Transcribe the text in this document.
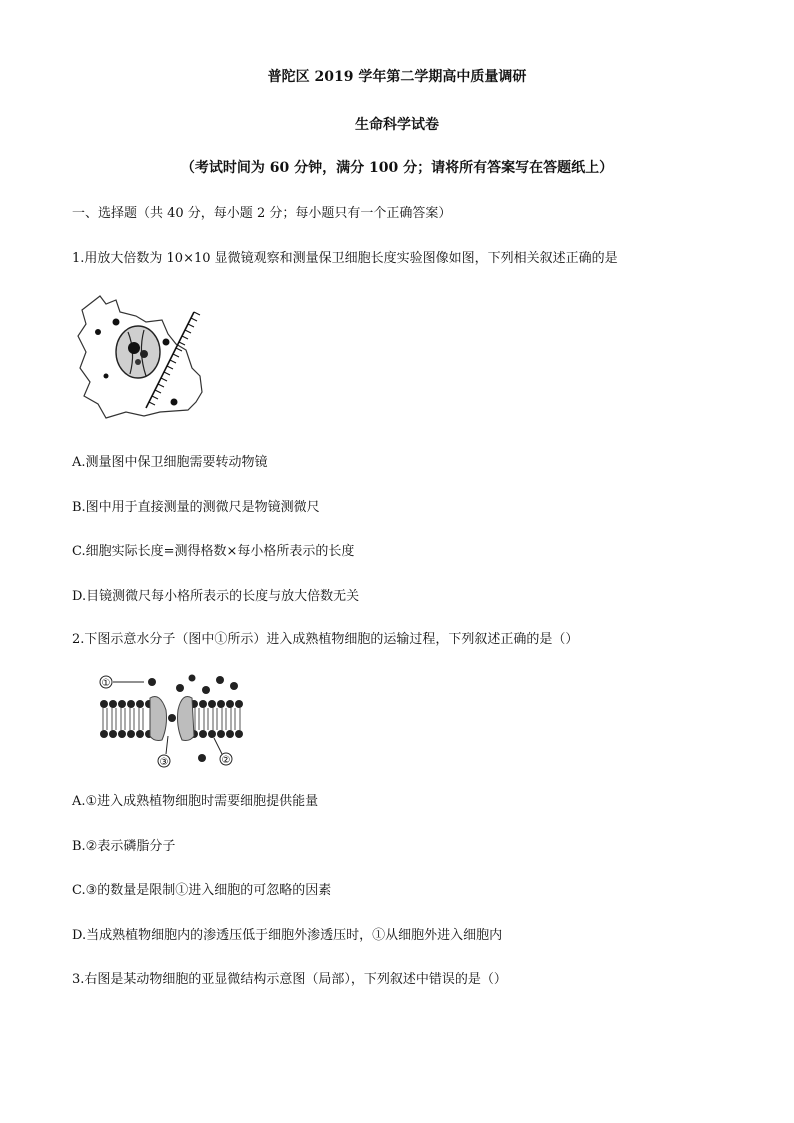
普陀区 2019 学年第二学期高中质量调研
生命科学试卷
（考试时间为 60 分钟，满分 100 分；请将所有答案写在答题纸上）
一、选择题（共 40 分，每小题 2 分；每小题只有一个正确答案）
1.用放大倍数为 10×10 显微镜观察和测量保卫细胞长度实验图像如图，下列相关叙述正确的是
A.测量图中保卫细胞需要转动物镜
B.图中用于直接测量的测微尺是物镜测微尺
C.细胞实际长度=测得格数×每小格所表示的长度
D.目镜测微尺每小格所表示的长度与放大倍数无关
2.下图示意水分子（图中①所示）进入成熟植物细胞的运输过程，下列叙述正确的是（）
①
③	②
A.①进入成熟植物细胞时需要细胞提供能量
B.②表示磷脂分子
C.③的数量是限制①进入细胞的可忽略的因素
D.当成熟植物细胞内的渗透压低于细胞外渗透压时，①从细胞外进入细胞内
3.右图是某动物细胞的亚显微结构示意图（局部），下列叙述中错误的是（）
